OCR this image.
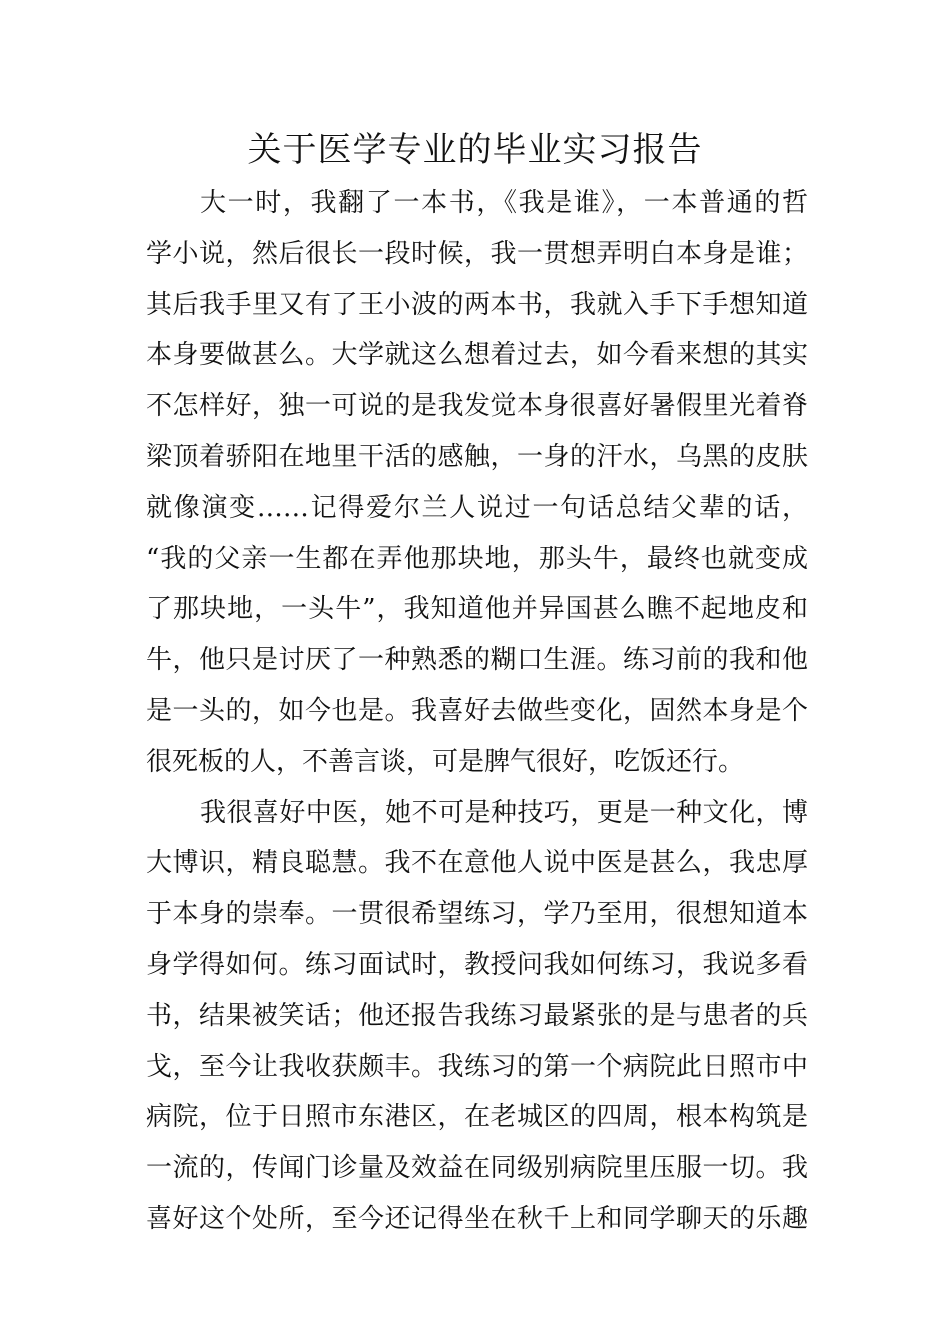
关于医学专业的毕业实习报告
大一时，我翻了一本书，《我是谁》，一本普通的哲
学小说，然后很长一段时候，我一贯想弄明白本身是谁；
其后我手里又有了王小波的两本书，我就入手下手想知道
本身要做甚么。大学就这么想着过去，如今看来想的其实
不怎样好，独一可说的是我发觉本身很喜好暑假里光着脊
梁顶着骄阳在地里干活的感触，一身的汗水，乌黑的皮肤
就像演变……记得爱尔兰人说过一句话总结父辈的话，
“我的父亲一生都在弄他那块地，那头牛，最终也就变成
了那块地，一头牛”，我知道他并异国甚么瞧不起地皮和
牛，他只是讨厌了一种熟悉的糊口生涯。练习前的我和他
是一头的，如今也是。我喜好去做些变化，固然本身是个
很死板的人，不善言谈，可是脾气很好，吃饭还行。
我很喜好中医，她不可是种技巧，更是一种文化，博
大博识，精良聪慧。我不在意他人说中医是甚么，我忠厚
于本身的崇奉。一贯很希望练习，学乃至用，很想知道本
身学得如何。练习面试时，教授问我如何练习，我说多看
书，结果被笑话；他还报告我练习最紧张的是与患者的兵
戈，至今让我收获颇丰。我练习的第一个病院此日照市中
病院，位于日照市东港区，在老城区的四周，根本构筑是
一流的，传闻门诊量及效益在同级别病院里压服一切。我
喜好这个处所，至今还记得坐在秋千上和同学聊天的乐趣
